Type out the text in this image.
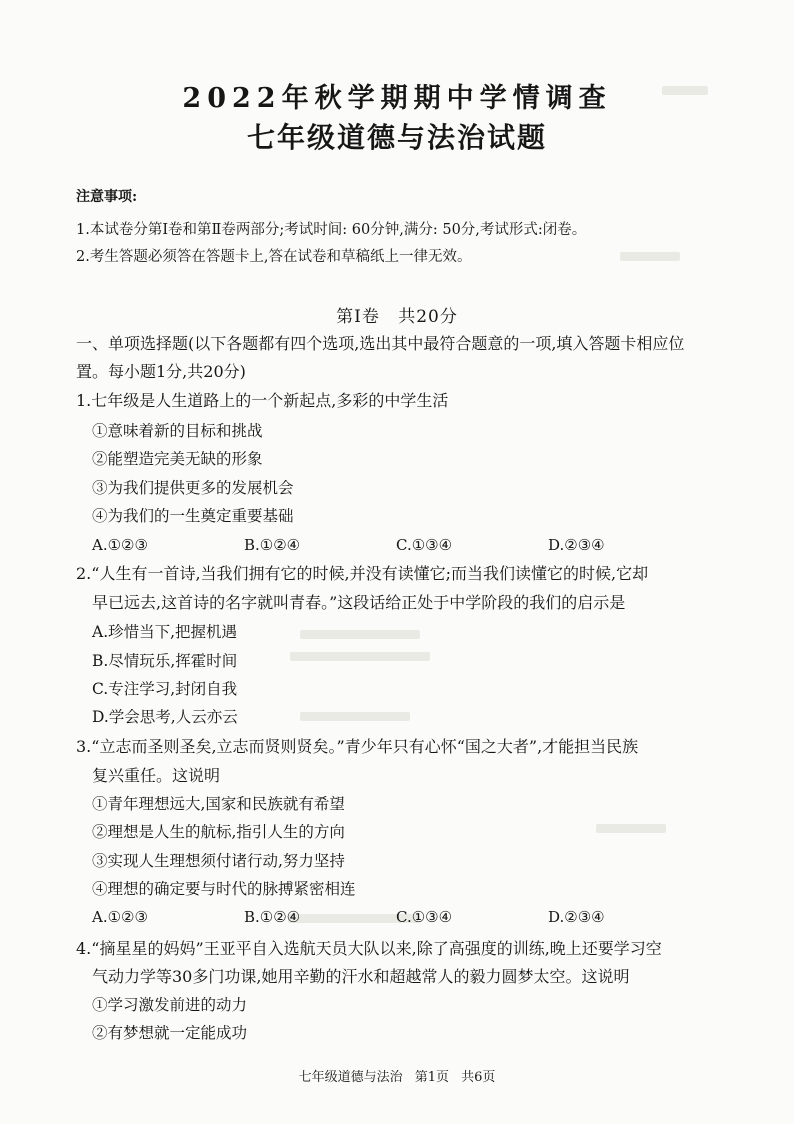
2022年秋学期期中学情调查
七年级道德与法治试题
注意事项:
1.本试卷分第Ⅰ卷和第Ⅱ卷两部分;考试时间: 60分钟,满分: 50分,考试形式:闭卷。
2.考生答题必须答在答题卡上,答在试卷和草稿纸上一律无效。
第Ⅰ卷 共20分
一、单项选择题(以下各题都有四个选项,选出其中最符合题意的一项,填入答题卡相应位
置。每小题1分,共20分)
1.七年级是人生道路上的一个新起点,多彩的中学生活
①意味着新的目标和挑战
②能塑造完美无缺的形象
③为我们提供更多的发展机会
④为我们的一生奠定重要基础
A.①②③	B.①②④	C.①③④	D.②③④
2.“人生有一首诗,当我们拥有它的时候,并没有读懂它;而当我们读懂它的时候,它却
早已远去,这首诗的名字就叫青春。”这段话给正处于中学阶段的我们的启示是
A.珍惜当下,把握机遇
B.尽情玩乐,挥霍时间
C.专注学习,封闭自我
D.学会思考,人云亦云
3.“立志而圣则圣矣,立志而贤则贤矣。”青少年只有心怀“国之大者”,才能担当民族
复兴重任。这说明
①青年理想远大,国家和民族就有希望
②理想是人生的航标,指引人生的方向
③实现人生理想须付诸行动,努力坚持
④理想的确定要与时代的脉搏紧密相连
A.①②③	B.①②④	C.①③④	D.②③④
4.“摘星星的妈妈”王亚平自入选航天员大队以来,除了高强度的训练,晚上还要学习空
气动力学等30多门功课,她用辛勤的汗水和超越常人的毅力圆梦太空。这说明
①学习激发前进的动力
②有梦想就一定能成功
七年级道德与法治 第1页 共6页
